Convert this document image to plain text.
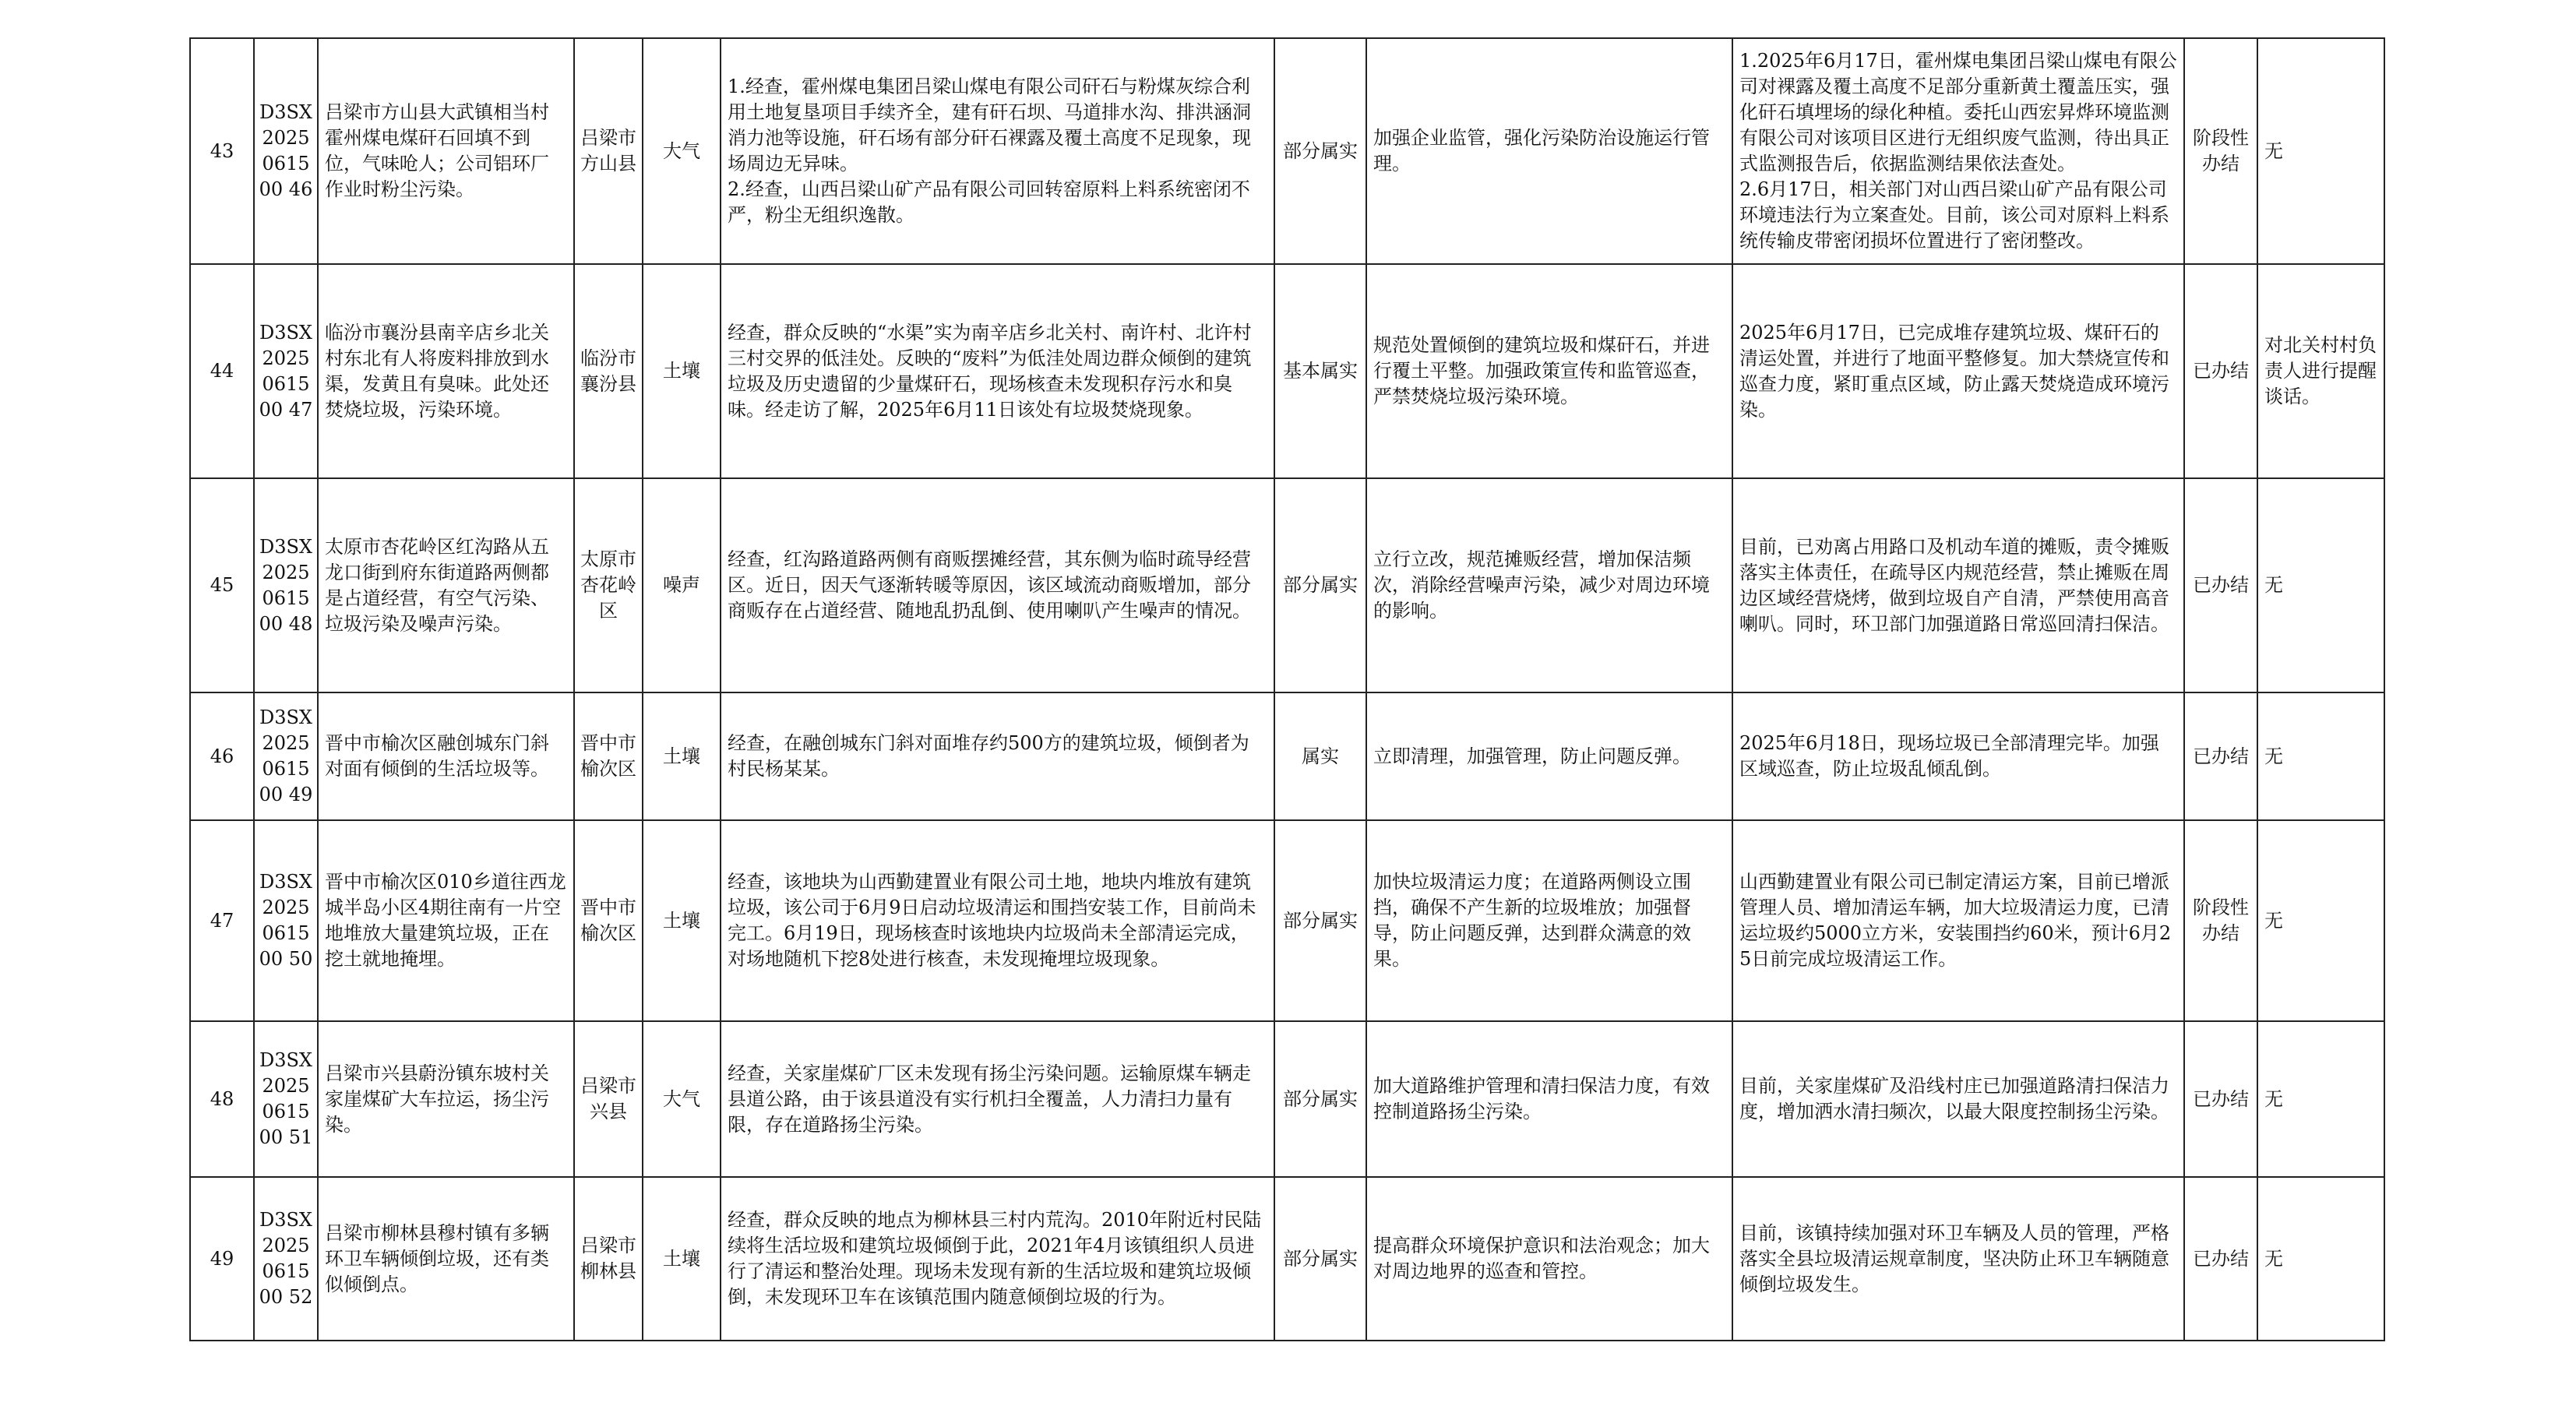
43	D3SX2025061500 46	吕梁市方山县大武镇相当村霍州煤电煤矸石回填不到位，气味呛人；公司铝环厂作业时粉尘污染。	吕梁市方山县	大气	1.经查，霍州煤电集团吕梁山煤电有限公司矸石与粉煤灰综合利用土地复垦项目手续齐全，建有矸石坝、马道排水沟、排洪涵洞消力池等设施，矸石场有部分矸石裸露及覆土高度不足现象，现场周边无异味。
2.经查，山西吕梁山矿产品有限公司回转窑原料上料系统密闭不严，粉尘无组织逸散。	部分属实	加强企业监管，强化污染防治设施运行管理。	1.2025年6月17日，霍州煤电集团吕梁山煤电有限公司对裸露及覆土高度不足部分重新黄土覆盖压实，强化矸石填埋场的绿化种植。委托山西宏昇烨环境监测有限公司对该项目区进行无组织废气监测，待出具正式监测报告后，依据监测结果依法查处。
2.6月17日，相关部门对山西吕梁山矿产品有限公司环境违法行为立案查处。目前，该公司对原料上料系统传输皮带密闭损坏位置进行了密闭整改。	阶段性办结	无
44	D3SX2025061500 47	临汾市襄汾县南辛店乡北关村东北有人将废料排放到水渠，发黄且有臭味。此处还焚烧垃圾，污染环境。	临汾市襄汾县	土壤	经查，群众反映的“水渠”实为南辛店乡北关村、南许村、北许村三村交界的低洼处。反映的“废料”为低洼处周边群众倾倒的建筑垃圾及历史遗留的少量煤矸石，现场核查未发现积存污水和臭味。经走访了解，2025年6月11日该处有垃圾焚烧现象。	基本属实	规范处置倾倒的建筑垃圾和煤矸石，并进行覆土平整。加强政策宣传和监管巡查，严禁焚烧垃圾污染环境。	2025年6月17日，已完成堆存建筑垃圾、煤矸石的清运处置，并进行了地面平整修复。加大禁烧宣传和巡查力度，紧盯重点区域，防止露天焚烧造成环境污染。	已办结	对北关村村负责人进行提醒谈话。
45	D3SX2025061500 48	太原市杏花岭区红沟路从五龙口街到府东街道路两侧都是占道经营，有空气污染、垃圾污染及噪声污染。	太原市杏花岭区	噪声	经查，红沟路道路两侧有商贩摆摊经营，其东侧为临时疏导经营区。近日，因天气逐渐转暖等原因，该区域流动商贩增加，部分商贩存在占道经营、随地乱扔乱倒、使用喇叭产生噪声的情况。	部分属实	立行立改，规范摊贩经营，增加保洁频次，消除经营噪声污染，减少对周边环境的影响。	目前，已劝离占用路口及机动车道的摊贩，责令摊贩落实主体责任，在疏导区内规范经营，禁止摊贩在周边区域经营烧烤，做到垃圾自产自清，严禁使用高音喇叭。同时，环卫部门加强道路日常巡回清扫保洁。	已办结	无
46	D3SX2025061500 49	晋中市榆次区融创城东门斜对面有倾倒的生活垃圾等。	晋中市榆次区	土壤	经查，在融创城东门斜对面堆存约500方的建筑垃圾，倾倒者为村民杨某某。	属实	立即清理，加强管理，防止问题反弹。	2025年6月18日，现场垃圾已全部清理完毕。加强区域巡查，防止垃圾乱倾乱倒。	已办结	无
47	D3SX2025061500 50	晋中市榆次区010乡道往西龙城半岛小区4期往南有一片空地堆放大量建筑垃圾，正在挖土就地掩埋。	晋中市榆次区	土壤	经查，该地块为山西勤建置业有限公司土地，地块内堆放有建筑垃圾，该公司于6月9日启动垃圾清运和围挡安装工作，目前尚未完工。6月19日，现场核查时该地块内垃圾尚未全部清运完成，对场地随机下挖8处进行核查，未发现掩埋垃圾现象。	部分属实	加快垃圾清运力度；在道路两侧设立围挡，确保不产生新的垃圾堆放；加强督导，防止问题反弹，达到群众满意的效果。	山西勤建置业有限公司已制定清运方案，目前已增派管理人员、增加清运车辆，加大垃圾清运力度，已清运垃圾约5000立方米，安装围挡约60米，预计6月25日前完成垃圾清运工作。	阶段性办结	无
48	D3SX2025061500 51	吕梁市兴县蔚汾镇东坡村关家崖煤矿大车拉运，扬尘污染。	吕梁市兴县	大气	经查，关家崖煤矿厂区未发现有扬尘污染问题。运输原煤车辆走县道公路，由于该县道没有实行机扫全覆盖，人力清扫力量有限，存在道路扬尘污染。	部分属实	加大道路维护管理和清扫保洁力度，有效控制道路扬尘污染。	目前，关家崖煤矿及沿线村庄已加强道路清扫保洁力度，增加洒水清扫频次，以最大限度控制扬尘污染。	已办结	无
49	D3SX2025061500 52	吕梁市柳林县穆村镇有多辆环卫车辆倾倒垃圾，还有类似倾倒点。	吕梁市柳林县	土壤	经查，群众反映的地点为柳林县三村内荒沟。2010年附近村民陆续将生活垃圾和建筑垃圾倾倒于此，2021年4月该镇组织人员进行了清运和整治处理。现场未发现有新的生活垃圾和建筑垃圾倾倒，未发现环卫车在该镇范围内随意倾倒垃圾的行为。	部分属实	提高群众环境保护意识和法治观念；加大对周边地界的巡查和管控。	目前，该镇持续加强对环卫车辆及人员的管理，严格落实全县垃圾清运规章制度，坚决防止环卫车辆随意倾倒垃圾发生。	已办结	无
